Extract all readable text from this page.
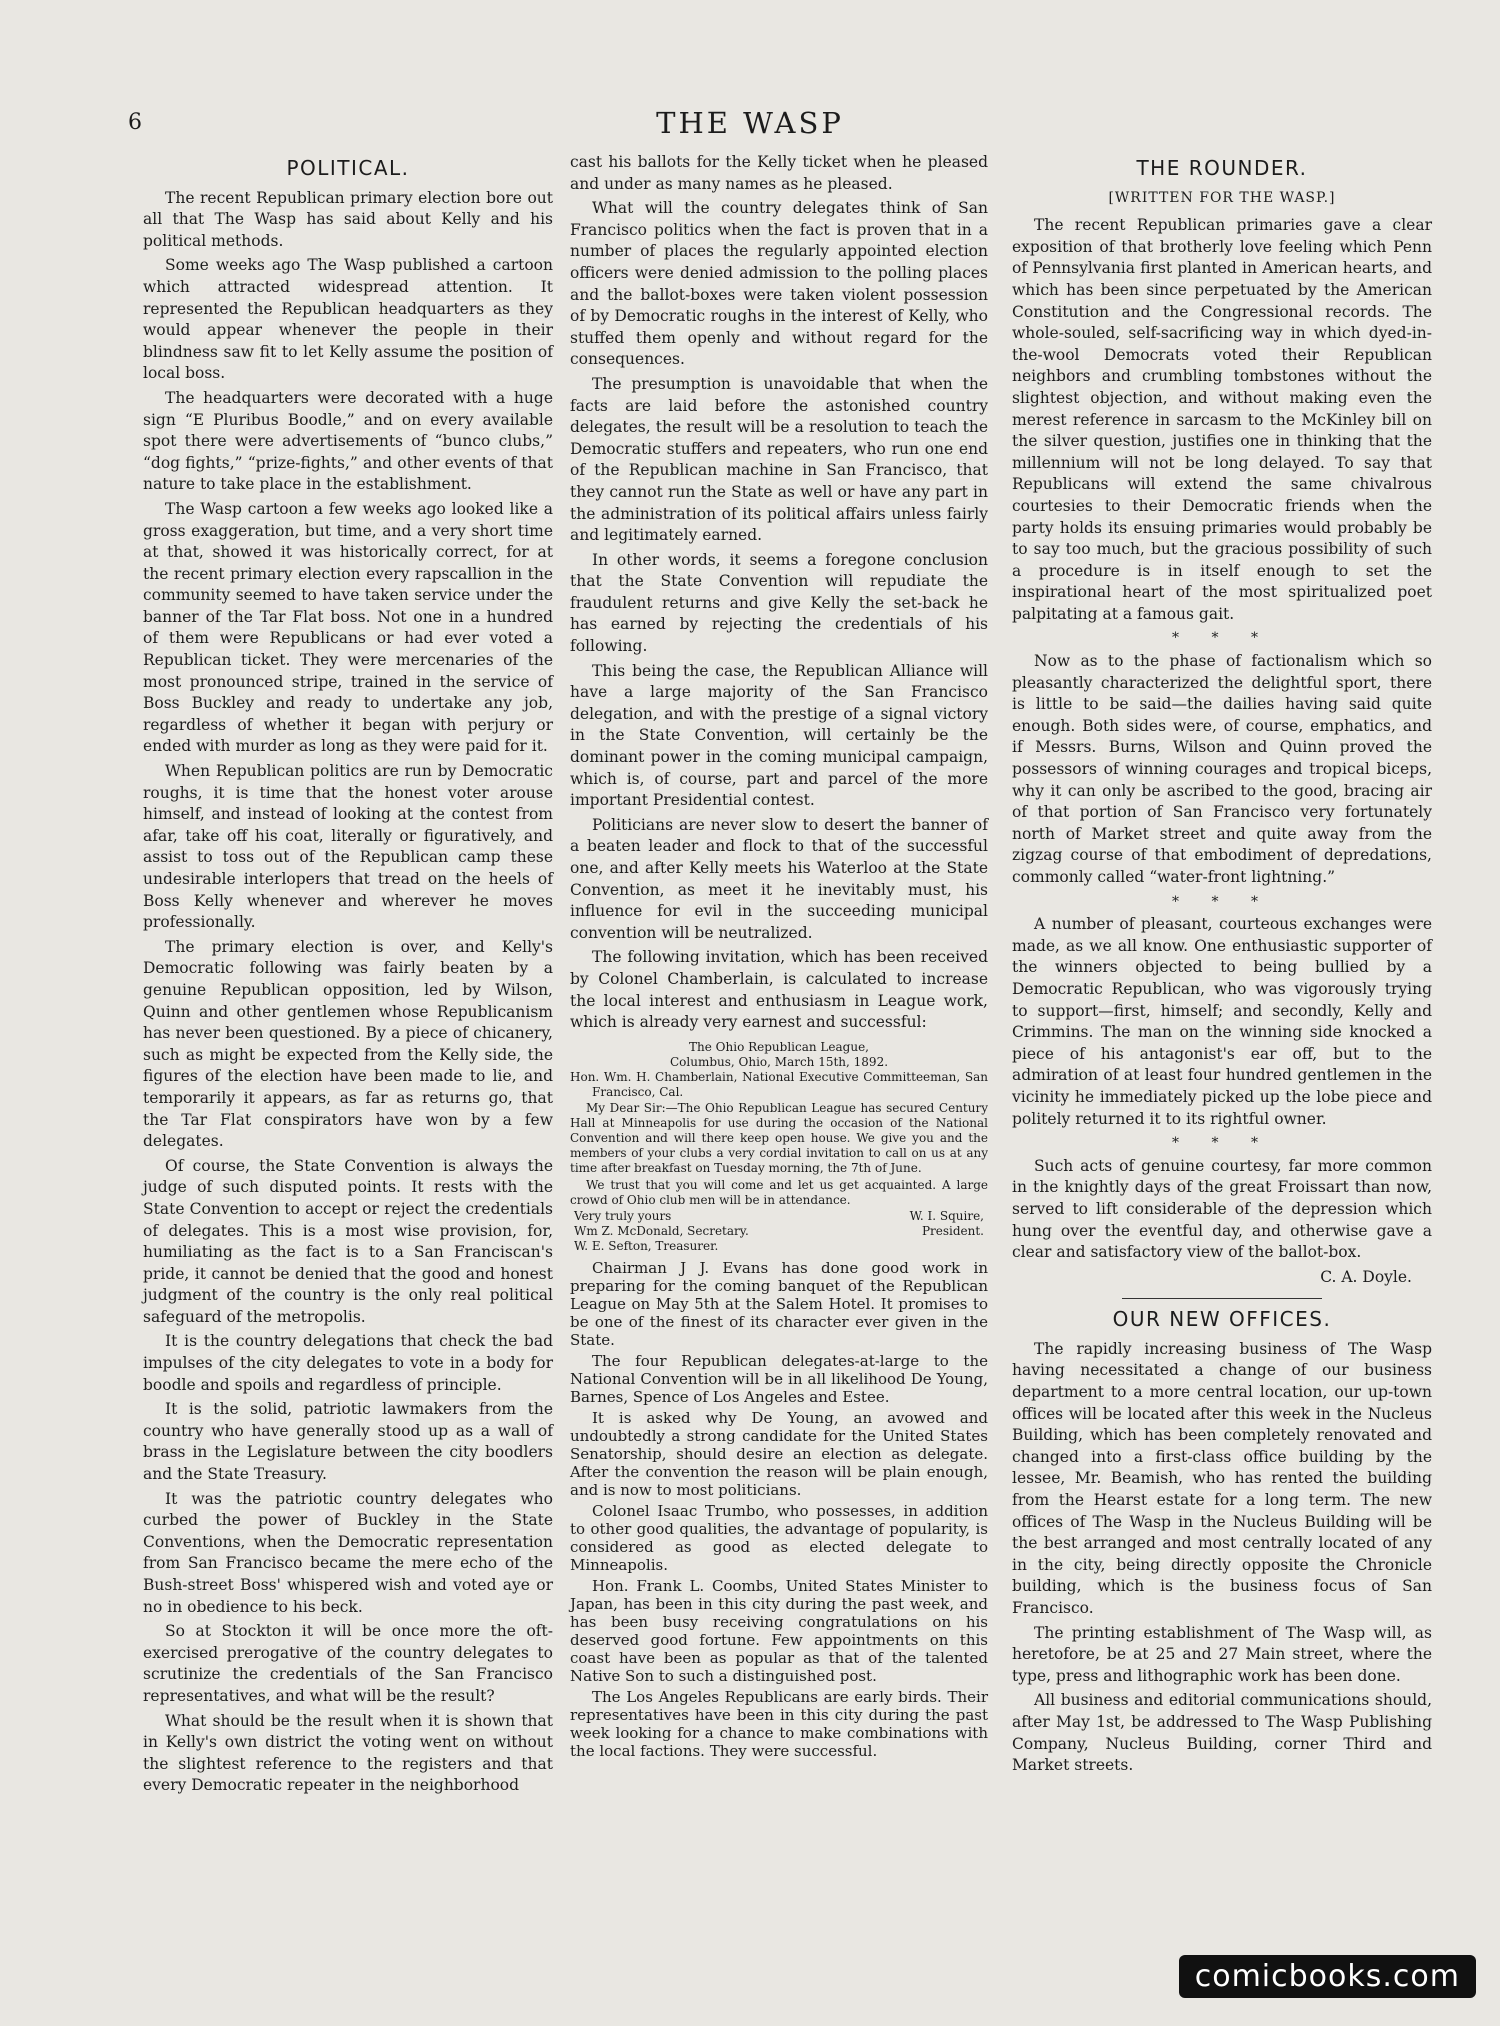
6	THE WASP
POLITICAL.

The recent Republican primary election bore out all that The Wasp has said about Kelly and his political methods.

Some weeks ago The Wasp published a cartoon which attracted widespread attention. It represented the Republican headquarters as they would appear whenever the people in their blindness saw fit to let Kelly assume the position of local boss.

The headquarters were decorated with a huge sign “E Pluribus Boodle,” and on every available spot there were advertisements of “bunco clubs,” “dog fights,” “prize-fights,” and other events of that nature to take place in the establishment.

The Wasp cartoon a few weeks ago looked like a gross exaggeration, but time, and a very short time at that, showed it was historically correct, for at the recent primary election every rapscallion in the community seemed to have taken service under the banner of the Tar Flat boss. Not one in a hundred of them were Republicans or had ever voted a Republican ticket. They were mercenaries of the most pronounced stripe, trained in the service of Boss Buckley and ready to undertake any job, regardless of whether it began with perjury or ended with murder as long as they were paid for it.

When Republican politics are run by Democratic roughs, it is time that the honest voter arouse himself, and instead of looking at the contest from afar, take off his coat, literally or figuratively, and assist to toss out of the Republican camp these undesirable interlopers that tread on the heels of Boss Kelly whenever and wherever he moves professionally.

The primary election is over, and Kelly's Democratic following was fairly beaten by a genuine Republican opposition, led by Wilson, Quinn and other gentlemen whose Republicanism has never been questioned. By a piece of chicanery, such as might be expected from the Kelly side, the figures of the election have been made to lie, and temporarily it appears, as far as returns go, that the Tar Flat conspirators have won by a few delegates.

Of course, the State Convention is always the judge of such disputed points. It rests with the State Convention to accept or reject the credentials of delegates. This is a most wise provision, for, humiliating as the fact is to a San Franciscan's pride, it cannot be denied that the good and honest judgment of the country is the only real political safeguard of the metropolis.

It is the country delegations that check the bad impulses of the city delegates to vote in a body for boodle and spoils and regardless of principle.

It is the solid, patriotic lawmakers from the country who have generally stood up as a wall of brass in the Legislature between the city boodlers and the State Treasury.

It was the patriotic country delegates who curbed the power of Buckley in the State Conventions, when the Democratic representation from San Francisco became the mere echo of the Bush-street Boss' whispered wish and voted aye or no in obedience to his beck.

So at Stockton it will be once more the oft-exercised prerogative of the country delegates to scrutinize the credentials of the San Francisco representatives, and what will be the result?

What should be the result when it is shown that in Kelly's own district the voting went on without the slightest reference to the registers and that every Democratic repeater in the neighborhood

cast his ballots for the Kelly ticket when he pleased and under as many names as he pleased.

What will the country delegates think of San Francisco politics when the fact is proven that in a number of places the regularly appointed election officers were denied admission to the polling places and the ballot-boxes were taken violent possession of by Democratic roughs in the interest of Kelly, who stuffed them openly and without regard for the consequences.

The presumption is unavoidable that when the facts are laid before the astonished country delegates, the result will be a resolution to teach the Democratic stuffers and repeaters, who run one end of the Republican machine in San Francisco, that they cannot run the State as well or have any part in the administration of its political affairs unless fairly and legitimately earned.

In other words, it seems a foregone conclusion that the State Convention will repudiate the fraudulent returns and give Kelly the set-back he has earned by rejecting the credentials of his following.

This being the case, the Republican Alliance will have a large majority of the San Francisco delegation, and with the prestige of a signal victory in the State Convention, will certainly be the dominant power in the coming municipal campaign, which is, of course, part and parcel of the more important Presidential contest.

Politicians are never slow to desert the banner of a beaten leader and flock to that of the successful one, and after Kelly meets his Waterloo at the State Convention, as meet it he inevitably must, his influence for evil in the succeeding municipal convention will be neutralized.

The following invitation, which has been received by Colonel Chamberlain, is calculated to increase the local interest and enthusiasm in League work, which is already very earnest and successful:

The Ohio Republican League,
Columbus, Ohio, March 15th, 1892.
Hon. Wm. H. Chamberlain, National Executive Committeeman, San Francisco, Cal.

My Dear Sir:—The Ohio Republican League has secured Century Hall at Minneapolis for use during the occasion of the National Convention and will there keep open house. We give you and the members of your clubs a very cordial invitation to call on us at any time after breakfast on Tuesday morning, the 7th of June.

We trust that you will come and let us get acquainted. A large crowd of Ohio club men will be in attendance.

Very truly yours	W. I. Squire,
Wm Z. McDonald, Secretary.	President.
W. E. Sefton, Treasurer.

Chairman J J. Evans has done good work in preparing for the coming banquet of the Republican League on May 5th at the Salem Hotel. It promises to be one of the finest of its character ever given in the State.

The four Republican delegates-at-large to the National Convention will be in all likelihood De Young, Barnes, Spence of Los Angeles and Estee.

It is asked why De Young, an avowed and undoubtedly a strong candidate for the United States Senatorship, should desire an election as delegate. After the convention the reason will be plain enough, and is now to most politicians.

Colonel Isaac Trumbo, who possesses, in addition to other good qualities, the advantage of popularity, is considered as good as elected delegate to Minneapolis.

Hon. Frank L. Coombs, United States Minister to Japan, has been in this city during the past week, and has been busy receiving congratulations on his deserved good fortune. Few appointments on this coast have been as popular as that of the talented Native Son to such a distinguished post.

The Los Angeles Republicans are early birds. Their representatives have been in this city during the past week looking for a chance to make combinations with the local factions. They were successful.

THE ROUNDER.
[WRITTEN FOR THE WASP.]

The recent Republican primaries gave a clear exposition of that brotherly love feeling which Penn of Pennsylvania first planted in American hearts, and which has been since perpetuated by the American Constitution and the Congressional records. The whole-souled, self-sacrificing way in which dyed-in-the-wool Democrats voted their Republican neighbors and crumbling tombstones without the slightest objection, and without making even the merest reference in sarcasm to the McKinley bill on the silver question, justifies one in thinking that the millennium will not be long delayed. To say that Republicans will extend the same chivalrous courtesies to their Democratic friends when the party holds its ensuing primaries would probably be to say too much, but the gracious possibility of such a procedure is in itself enough to set the inspirational heart of the most spiritualized poet palpitating at a famous gait.

* * *

Now as to the phase of factionalism which so pleasantly characterized the delightful sport, there is little to be said—the dailies having said quite enough. Both sides were, of course, emphatics, and if Messrs. Burns, Wilson and Quinn proved the possessors of winning courages and tropical biceps, why it can only be ascribed to the good, bracing air of that portion of San Francisco very fortunately north of Market street and quite away from the zigzag course of that embodiment of depredations, commonly called “water-front lightning.”

* * *

A number of pleasant, courteous exchanges were made, as we all know. One enthusiastic supporter of the winners objected to being bullied by a Democratic Republican, who was vigorously trying to support—first, himself; and secondly, Kelly and Crimmins. The man on the winning side knocked a piece of his antagonist's ear off, but to the admiration of at least four hundred gentlemen in the vicinity he immediately picked up the lobe piece and politely returned it to its rightful owner.

* * *

Such acts of genuine courtesy, far more common in the knightly days of the great Froissart than now, served to lift considerable of the depression which hung over the eventful day, and otherwise gave a clear and satisfactory view of the ballot-box.

C. A. Doyle.
OUR NEW OFFICES.

The rapidly increasing business of The Wasp having necessitated a change of our business department to a more central location, our up-town offices will be located after this week in the Nucleus Building, which has been completely renovated and changed into a first-class office building by the lessee, Mr. Beamish, who has rented the building from the Hearst estate for a long term. The new offices of The Wasp in the Nucleus Building will be the best arranged and most centrally located of any in the city, being directly opposite the Chronicle building, which is the business focus of San Francisco.

The printing establishment of The Wasp will, as heretofore, be at 25 and 27 Main street, where the type, press and lithographic work has been done.

All business and editorial communications should, after May 1st, be addressed to The Wasp Publishing Company, Nucleus Building, corner Third and Market streets.

comicbooks.com
